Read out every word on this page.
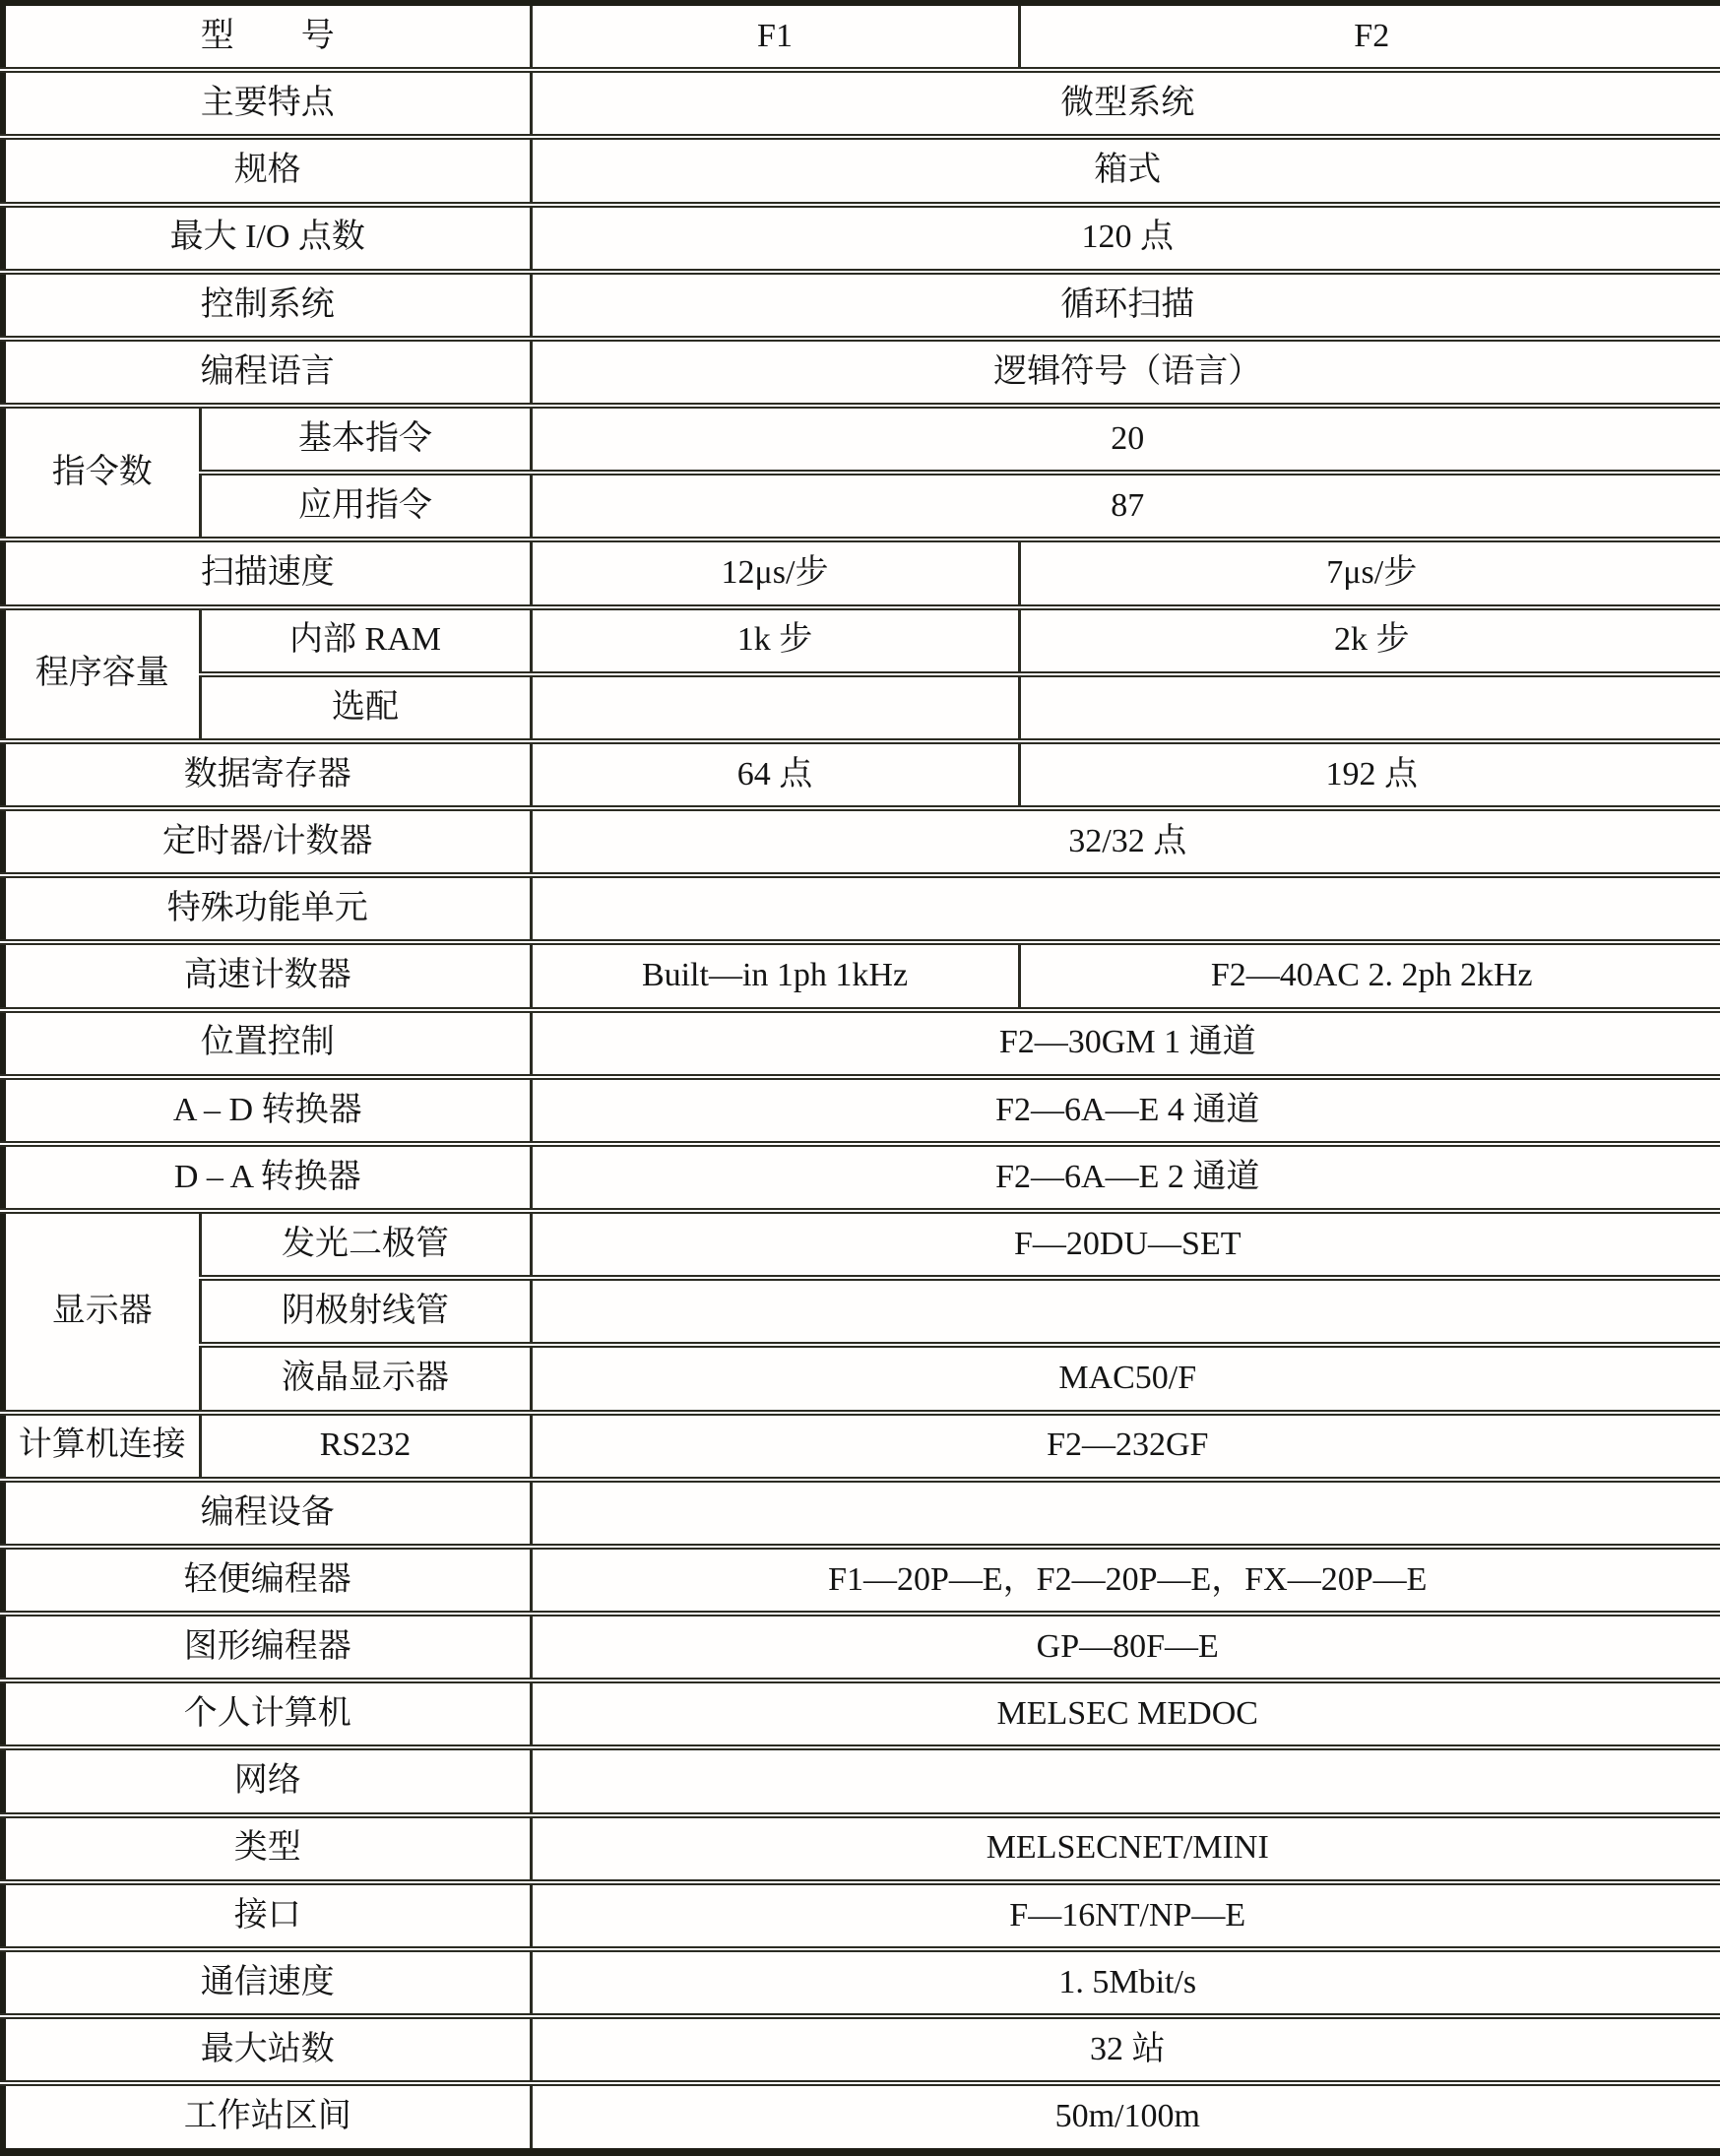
型　　号		F1	F2
主要特点		微型系统	
规格		箱式	
最大 I/O 点数		120 点	
控制系统		循环扫描	
编程语言		逻辑符号（语言）	
指令数	基本指令	20	
	应用指令	87	
扫描速度		12μs/步	7μs/步
程序容量	内部 RAM	1k 步	2k 步
	选配		
数据寄存器		64 点	192 点
定时器/计数器		32/32 点	
特殊功能单元			
高速计数器		Built—in 1ph 1kHz	F2—40AC 2. 2ph 2kHz
位置控制		F2—30GM 1 通道	
A – D 转换器		F2—6A—E 4 通道	
D – A 转换器		F2—6A—E 2 通道	
显示器	发光二极管	F—20DU—SET	
	阴极射线管		
	液晶显示器	MAC50/F	
计算机连接	RS232	F2—232GF	
编程设备			
轻便编程器		F1—20P—E，F2—20P—E，FX—20P—E	
图形编程器		GP—80F—E	
个人计算机		MELSEC MEDOC	
网络			
类型		MELSECNET/MINI	
接口		F—16NT/NP—E	
通信速度		1. 5Mbit/s	
最大站数		32 站	
工作站区间		50m/100m	
